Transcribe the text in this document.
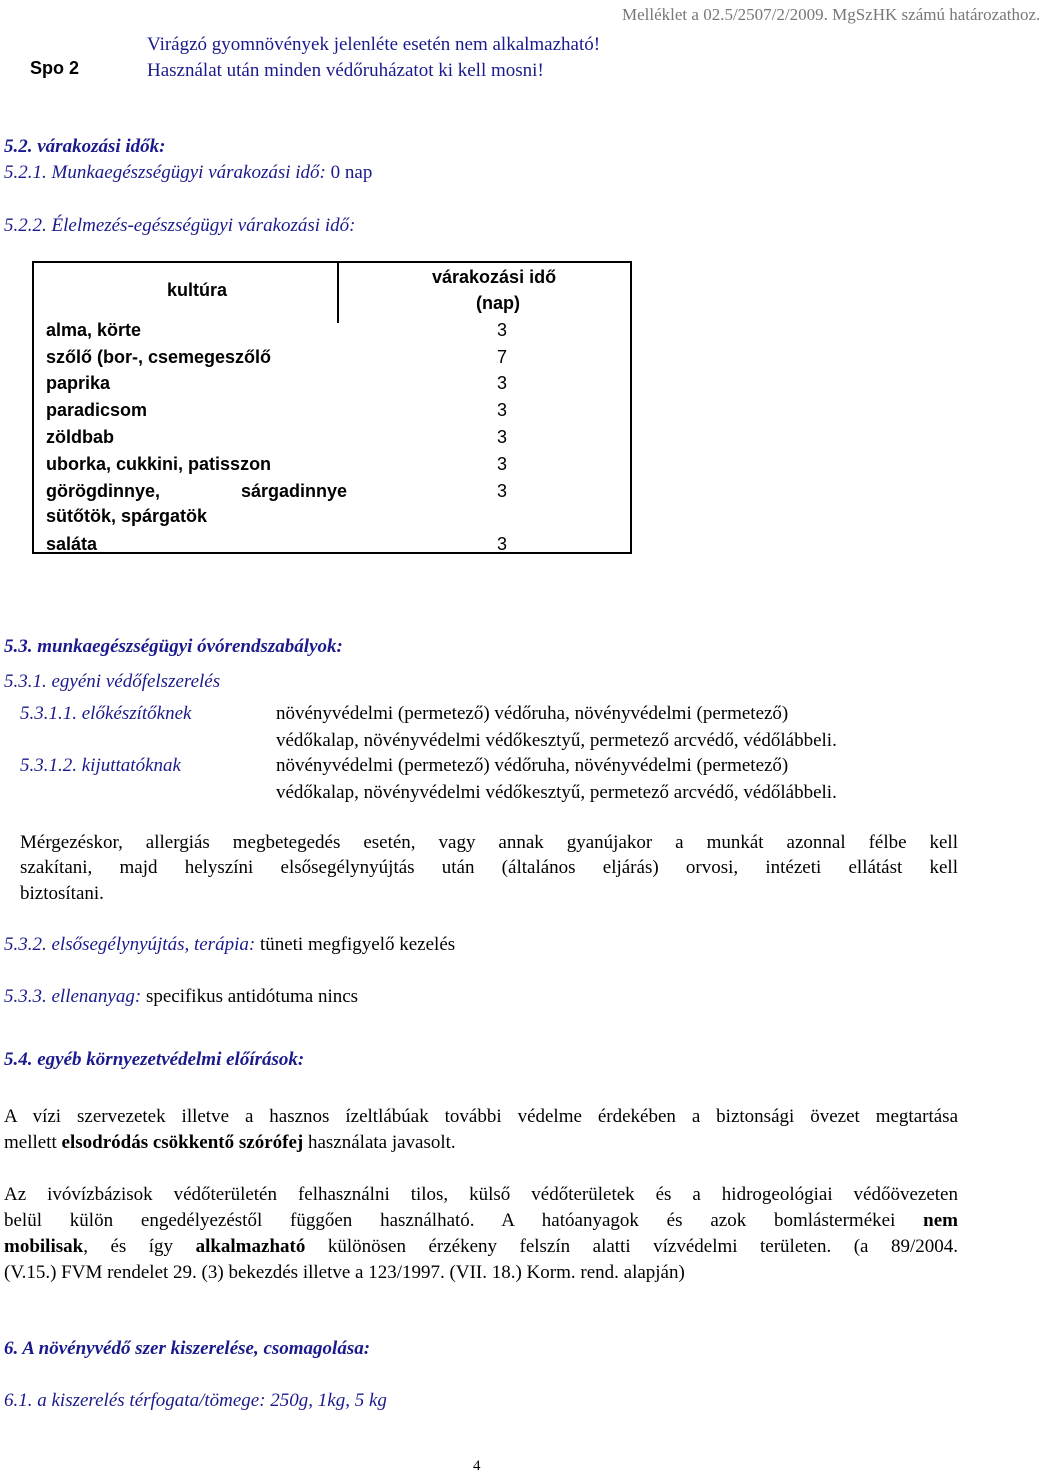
Melléklet a 02.5/2507/2/2009. MgSzHK számú határozathoz.
Spo 2
Virágzó gyomnövények jelenléte esetén nem alkalmazható!
Használat után minden védőruházatot ki kell mosni!
5.2. várakozási idők:
5.2.1. Munkaegészségügyi várakozási idő: 0 nap
5.2.2. Élelmezés-egészségügyi várakozási idő:
kultúra
várakozási idő
(nap)
alma, körte	3
szőlő (bor-, csemegeszőlő	7
paprika	3
paradicsom	3
zöldbab	3
uborka, cukkini, patisszon	3
görögdinnye,	sárgadinnye	3
sütőtök, spárgatök
saláta	3
5.3. munkaegészségügyi óvórendszabályok:
5.3.1. egyéni védőfelszerelés
5.3.1.1. előkészítőknek	növényvédelmi (permetező) védőruha, növényvédelmi (permetező)
védőkalap, növényvédelmi védőkesztyű, permetező arcvédő, védőlábbeli.
5.3.1.2. kijuttatóknak	növényvédelmi (permetező) védőruha, növényvédelmi (permetező)
védőkalap, növényvédelmi védőkesztyű, permetező arcvédő, védőlábbeli.
Mérgezéskor, allergiás megbetegedés esetén, vagy annak gyanújakor a munkát azonnal félbe kell
szakítani, majd helyszíni elsősegélynyújtás után (általános eljárás) orvosi, intézeti ellátást kell
biztosítani.
5.3.2. elsősegélynyújtás, terápia: tüneti megfigyelő kezelés
5.3.3. ellenanyag: specifikus antidótuma nincs
5.4. egyéb környezetvédelmi előírások:
A vízi szervezetek illetve a hasznos ízeltlábúak további védelme érdekében a biztonsági övezet megtartása
mellett elsodródás csökkentő szórófej használata javasolt.
Az ivóvízbázisok védőterületén felhasználni tilos, külső védőterületek és a hidrogeológiai védőövezeten
belül külön engedélyezéstől függően használható. A hatóanyagok és azok bomlástermékei nem
mobilisak, és így alkalmazható különösen érzékeny felszín alatti vízvédelmi területen. (a 89/2004.
(V.15.) FVM rendelet 29. (3) bekezdés illetve a 123/1997. (VII. 18.) Korm. rend. alapján)
6. A növényvédő szer kiszerelése, csomagolása:
6.1. a kiszerelés térfogata/tömege: 250g, 1kg, 5 kg
4
